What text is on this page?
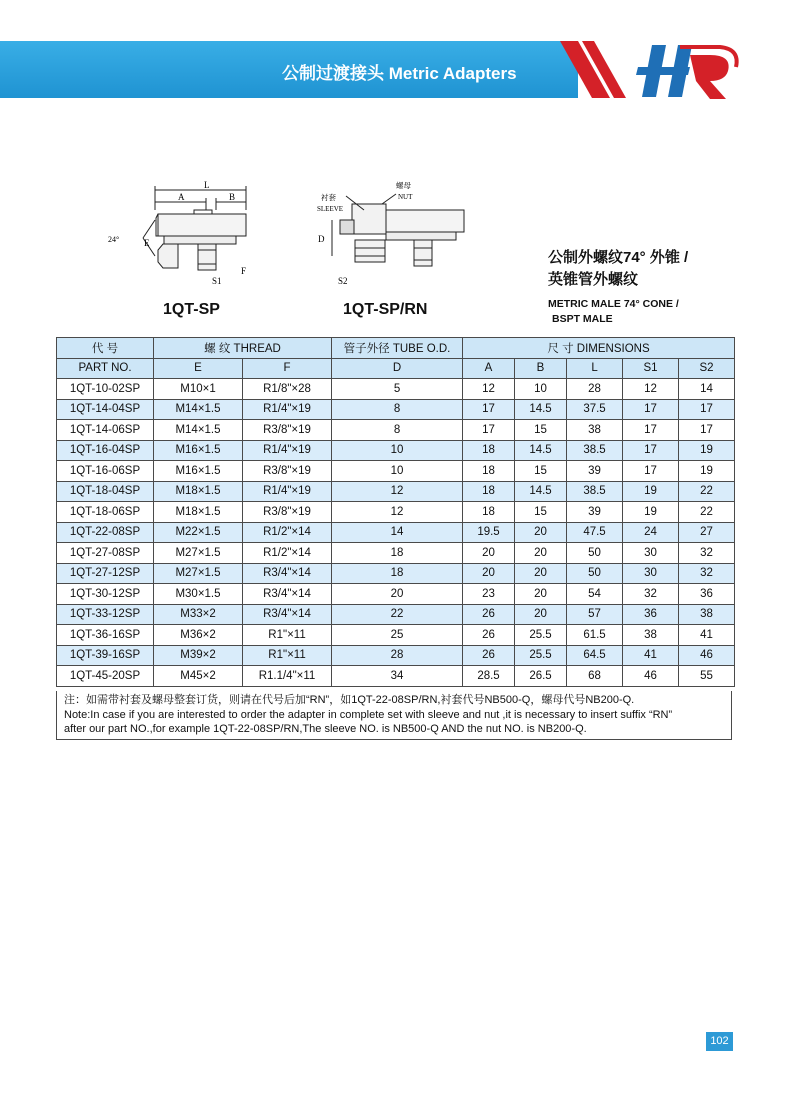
公制过渡接头 Metric Adapters
L
A	B
E
24°
S1
F
1QT-SP
衬套
SLEEVE
螺母
NUT
D
S2
1QT-SP/RN
公制外螺纹74° 外锥 /
英锥管外螺纹
METRIC MALE 74° CONE /
BSPT MALE
代 号	螺 纹 THREAD		管子外径 TUBE O.D.	尺 寸 DIMENSIONS				
PART NO.	E	F	D	A	B	L	S1	S2
1QT-10-02SP	M10×1	R1/8"×28	5	12	10	28	12	14
1QT-14-04SP	M14×1.5	R1/4"×19	8	17	14.5	37.5	17	17
1QT-14-06SP	M14×1.5	R3/8"×19	8	17	15	38	17	17
1QT-16-04SP	M16×1.5	R1/4"×19	10	18	14.5	38.5	17	19
1QT-16-06SP	M16×1.5	R3/8"×19	10	18	15	39	17	19
1QT-18-04SP	M18×1.5	R1/4"×19	12	18	14.5	38.5	19	22
1QT-18-06SP	M18×1.5	R3/8"×19	12	18	15	39	19	22
1QT-22-08SP	M22×1.5	R1/2"×14	14	19.5	20	47.5	24	27
1QT-27-08SP	M27×1.5	R1/2"×14	18	20	20	50	30	32
1QT-27-12SP	M27×1.5	R3/4"×14	18	20	20	50	30	32
1QT-30-12SP	M30×1.5	R3/4"×14	20	23	20	54	32	36
1QT-33-12SP	M33×2	R3/4"×14	22	26	20	57	36	38
1QT-36-16SP	M36×2	R1"×11	25	26	25.5	61.5	38	41
1QT-39-16SP	M39×2	R1"×11	28	26	25.5	64.5	41	46
1QT-45-20SP	M45×2	R1.1/4"×11	34	28.5	26.5	68	46	55
注：如需带衬套及螺母整套订货，则请在代号后加“RN”，如1QT-22-08SP/RN,衬套代号NB500-Q，螺母代号NB200-Q.
Note:In case if you are interested to order the adapter in complete set with sleeve and nut ,it is necessary to insert suffix “RN”
after our part NO.,for example 1QT-22-08SP/RN,The sleeve NO. is NB500-Q AND the nut NO. is NB200-Q.
102
